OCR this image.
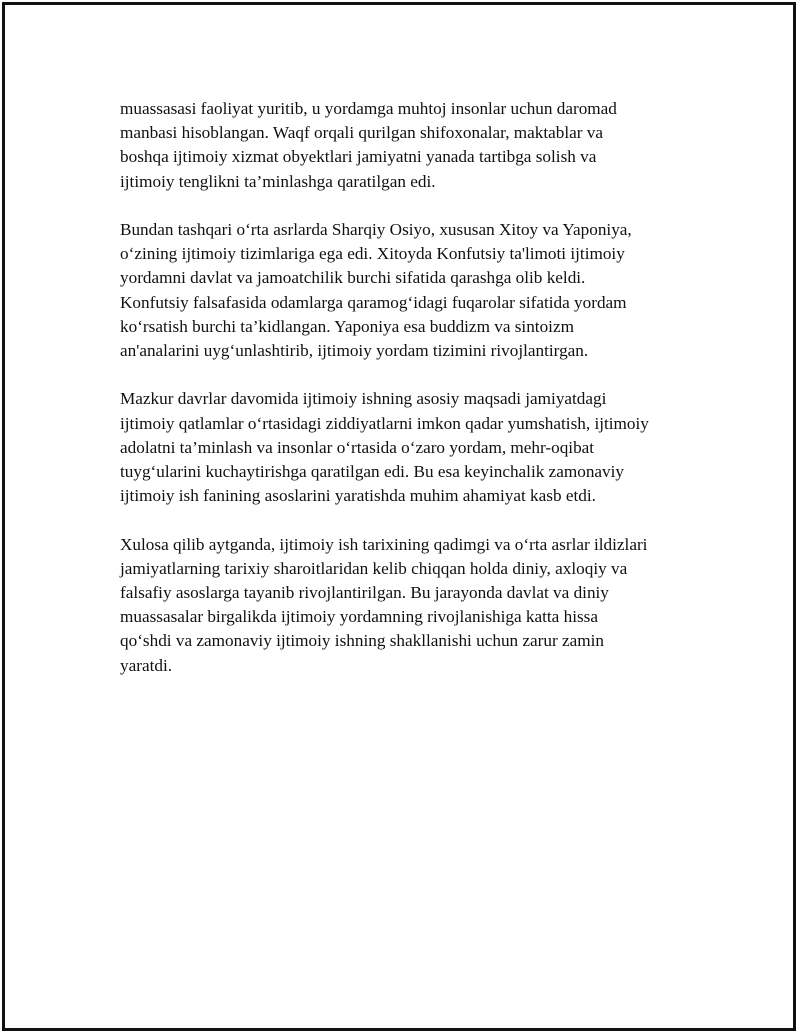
muassasasi faoliyat yuritib, u yordamga muhtoj insonlar uchun daromad
manbasi hisoblangan. Waqf orqali qurilgan shifoxonalar, maktablar va
boshqa ijtimoiy xizmat obyektlari jamiyatni yanada tartibga solish va
ijtimoiy tenglikni ta’minlashga qaratilgan edi.

Bundan tashqari o‘rta asrlarda Sharqiy Osiyo, xususan Xitoy va Yaponiya,
o‘zining ijtimoiy tizimlariga ega edi. Xitoyda Konfutsiy ta'limoti ijtimoiy
yordamni davlat va jamoatchilik burchi sifatida qarashga olib keldi.
Konfutsiy falsafasida odamlarga qaramog‘idagi fuqarolar sifatida yordam
ko‘rsatish burchi ta’kidlangan. Yaponiya esa buddizm va sintoizm
an'analarini uyg‘unlashtirib, ijtimoiy yordam tizimini rivojlantirgan.

Mazkur davrlar davomida ijtimoiy ishning asosiy maqsadi jamiyatdagi
ijtimoiy qatlamlar o‘rtasidagi ziddiyatlarni imkon qadar yumshatish, ijtimoiy
adolatni ta’minlash va insonlar o‘rtasida o‘zaro yordam, mehr-oqibat
tuyg‘ularini kuchaytirishga qaratilgan edi. Bu esa keyinchalik zamonaviy
ijtimoiy ish fanining asoslarini yaratishda muhim ahamiyat kasb etdi.

Xulosa qilib aytganda, ijtimoiy ish tarixining qadimgi va o‘rta asrlar ildizlari
jamiyatlarning tarixiy sharoitlaridan kelib chiqqan holda diniy, axloqiy va
falsafiy asoslarga tayanib rivojlantirilgan. Bu jarayonda davlat va diniy
muassasalar birgalikda ijtimoiy yordamning rivojlanishiga katta hissa
qo‘shdi va zamonaviy ijtimoiy ishning shakllanishi uchun zarur zamin
yaratdi.
